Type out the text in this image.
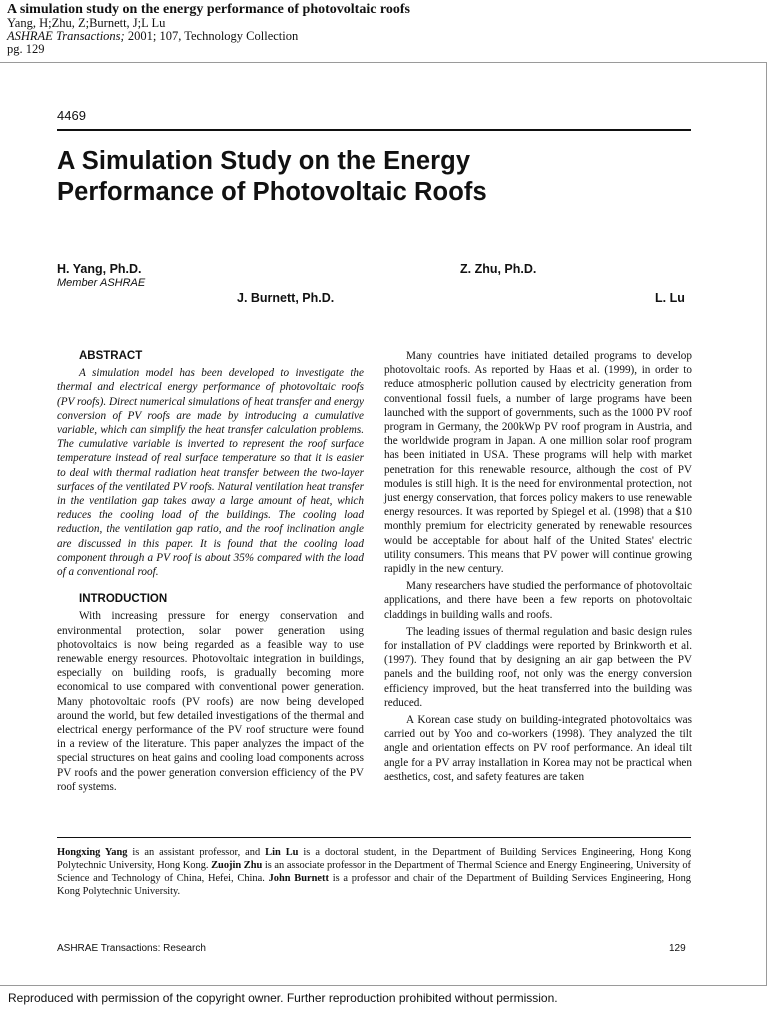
A simulation study on the energy performance of photovoltaic roofs
Yang, H;Zhu, Z;Burnett, J;L Lu
ASHRAE Transactions; 2001; 107, Technology Collection
pg. 129
4469
A Simulation Study on the Energy
Performance of Photovoltaic Roofs
H. Yang, Ph.D.
Member ASHRAE
Z. Zhu, Ph.D.
J. Burnett, Ph.D.	L. Lu

ABSTRACT

A simulation model has been developed to investigate the thermal and electrical energy performance of photovoltaic roofs (PV roofs). Direct numerical simulations of heat transfer and energy conversion of PV roofs are made by introducing a cumulative variable, which can simplify the heat transfer calculation problems. The cumulative variable is inverted to represent the roof surface temperature instead of real surface temperature so that it is easier to deal with thermal radiation heat transfer between the two-layer surfaces of the ventilated PV roofs. Natural ventilation heat transfer in the ventilation gap takes away a large amount of heat, which reduces the cooling load of the buildings. The cooling load reduction, the ventilation gap ratio, and the roof inclination angle are discussed in this paper. It is found that the cooling load component through a PV roof is about 35% compared with the load of a conventional roof.

INTRODUCTION

With increasing pressure for energy conservation and environmental protection, solar power generation using photovoltaics is now being regarded as a feasible way to use renewable energy resources. Photovoltaic integration in buildings, especially on building roofs, is gradually becoming more economical to use compared with conventional power generation. Many photovoltaic roofs (PV roofs) are now being developed around the world, but few detailed investigations of the thermal and electrical energy performance of the PV roof structure were found in a review of the literature. This paper analyzes the impact of the special structures on heat gains and cooling load components across PV roofs and the power generation conversion efficiency of the PV roof systems.

Many countries have initiated detailed programs to develop photovoltaic roofs. As reported by Haas et al. (1999), in order to reduce atmospheric pollution caused by electricity generation from conventional fossil fuels, a number of large programs have been launched with the support of governments, such as the 1000 PV roof program in Germany, the 200kWp PV roof program in Austria, and the worldwide program in Japan. A one million solar roof program has been initiated in USA. These programs will help with market penetration for this renewable resource, although the cost of PV modules is still high. It is the need for environmental protection, not just energy conservation, that forces policy makers to use renewable energy resources. It was reported by Spiegel et al. (1998) that a $10 monthly premium for electricity generated by renewable resources would be acceptable for about half of the United States' electric utility consumers. This means that PV power will continue growing rapidly in the new century.

Many researchers have studied the performance of photovoltaic applications, and there have been a few reports on photovoltaic claddings in building walls and roofs.

The leading issues of thermal regulation and basic design rules for installation of PV claddings were reported by Brinkworth et al. (1997). They found that by designing an air gap between the PV panels and the building roof, not only was the energy conversion efficiency improved, but the heat transferred into the building was reduced.

A Korean case study on building-integrated photovoltaics was carried out by Yoo and co-workers (1998). They analyzed the tilt angle and orientation effects on PV roof performance. An ideal tilt angle for a PV array installation in Korea may not be practical when aesthetics, cost, and safety features are taken

Hongxing Yang is an assistant professor, and Lin Lu is a doctoral student, in the Department of Building Services Engineering, Hong Kong Polytechnic University, Hong Kong. Zuojin Zhu is an associate professor in the Department of Thermal Science and Energy Engineering, University of Science and Technology of China, Hefei, China. John Burnett is a professor and chair of the Department of Building Services Engineering, Hong Kong Polytechnic University.
ASHRAE Transactions: Research	129
Reproduced with permission of the copyright owner. Further reproduction prohibited without permission.
